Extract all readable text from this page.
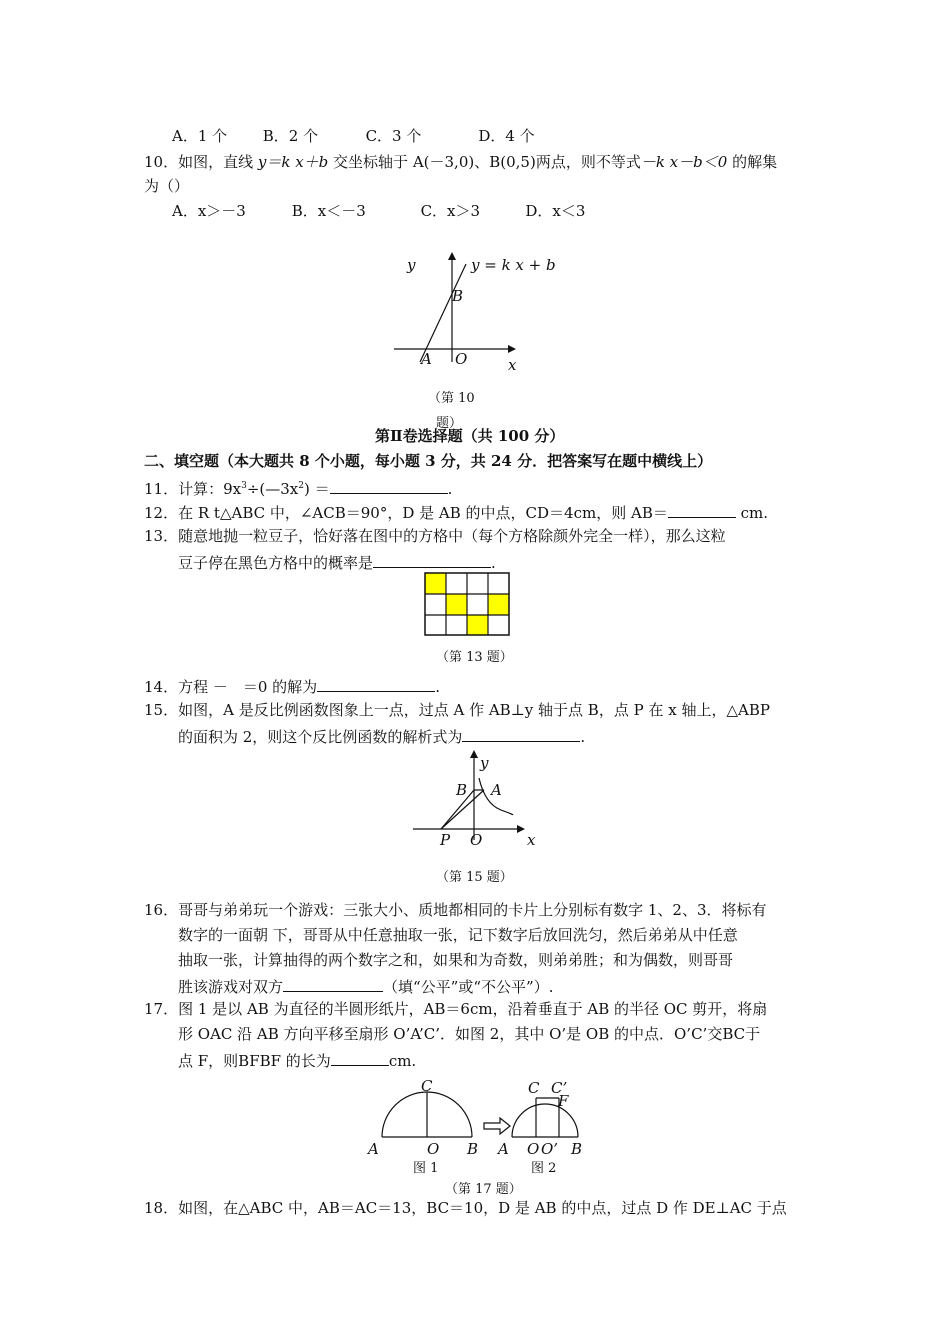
A．1 个 B．2 个	C．3 个	D．4 个
10．如图，直线 y＝k x＋b 交坐标轴于 A(－3,0)、B(0,5)两点，则不等式－k x－b＜0 的解集
为（）
A．x＞－3	B．x＜－3	C．x＞3	D．x＜3
y	y = k x + b
B
A O	x
（第 10
题）
第Ⅱ卷选择题（共 100 分）
二、填空题（本大题共 8 个小题，每小题 3 分，共 24 分．把答案写在题中横线上）
11．计算：$9x^3\div(—3x^2)$ ＝	.
12．在 R t△ABC 中，∠ACB＝90°，D 是 AB 的中点，CD＝4cm，则 AB＝	cm.
13．随意地抛一粒豆子，恰好落在图中的方格中（每个方格除颜外完全一样），那么这粒
豆子停在黑色方格中的概率是	.
（第 13 题）
14．方程 －　＝0 的解为	.
15．如图，A 是反比例函数图象上一点，过点 A 作 AB⊥y 轴于点 B，点 P 在 x 轴上，△ABP
的面积为 2，则这个反比例函数的解析式为	.
y
B A
P O	x
（第 15 题）
16．哥哥与弟弟玩一个游戏：三张大小、质地都相同的卡片上分别标有数字 1、2、3．将标有
数字的一面朝 下，哥哥从中任意抽取一张，记下数字后放回洗匀，然后弟弟从中任意
抽取一张，计算抽得的两个数字之和，如果和为奇数，则弟弟胜；和为偶数，则哥哥
胜该游戏对双方	（填“公平”或“不公平”）.
17．图 1 是以 AB 为直径的半圆形纸片，AB＝6cm，沿着垂直于 AB 的半径 OC 剪开，将扇
形 OAC 沿 AB 方向平移至扇形 O’A’C’．如图 2，其中 O’是 OB 的中点．O’C’交BC于
点 F，则BFBF 的长为	cm.
C
A	O B
图 1
C C’
F
A O O’ B
图 2
（第 17 题）
18．如图，在△ABC 中，AB＝AC＝13，BC＝10，D 是 AB 的中点，过点 D 作 DE⊥AC 于点
